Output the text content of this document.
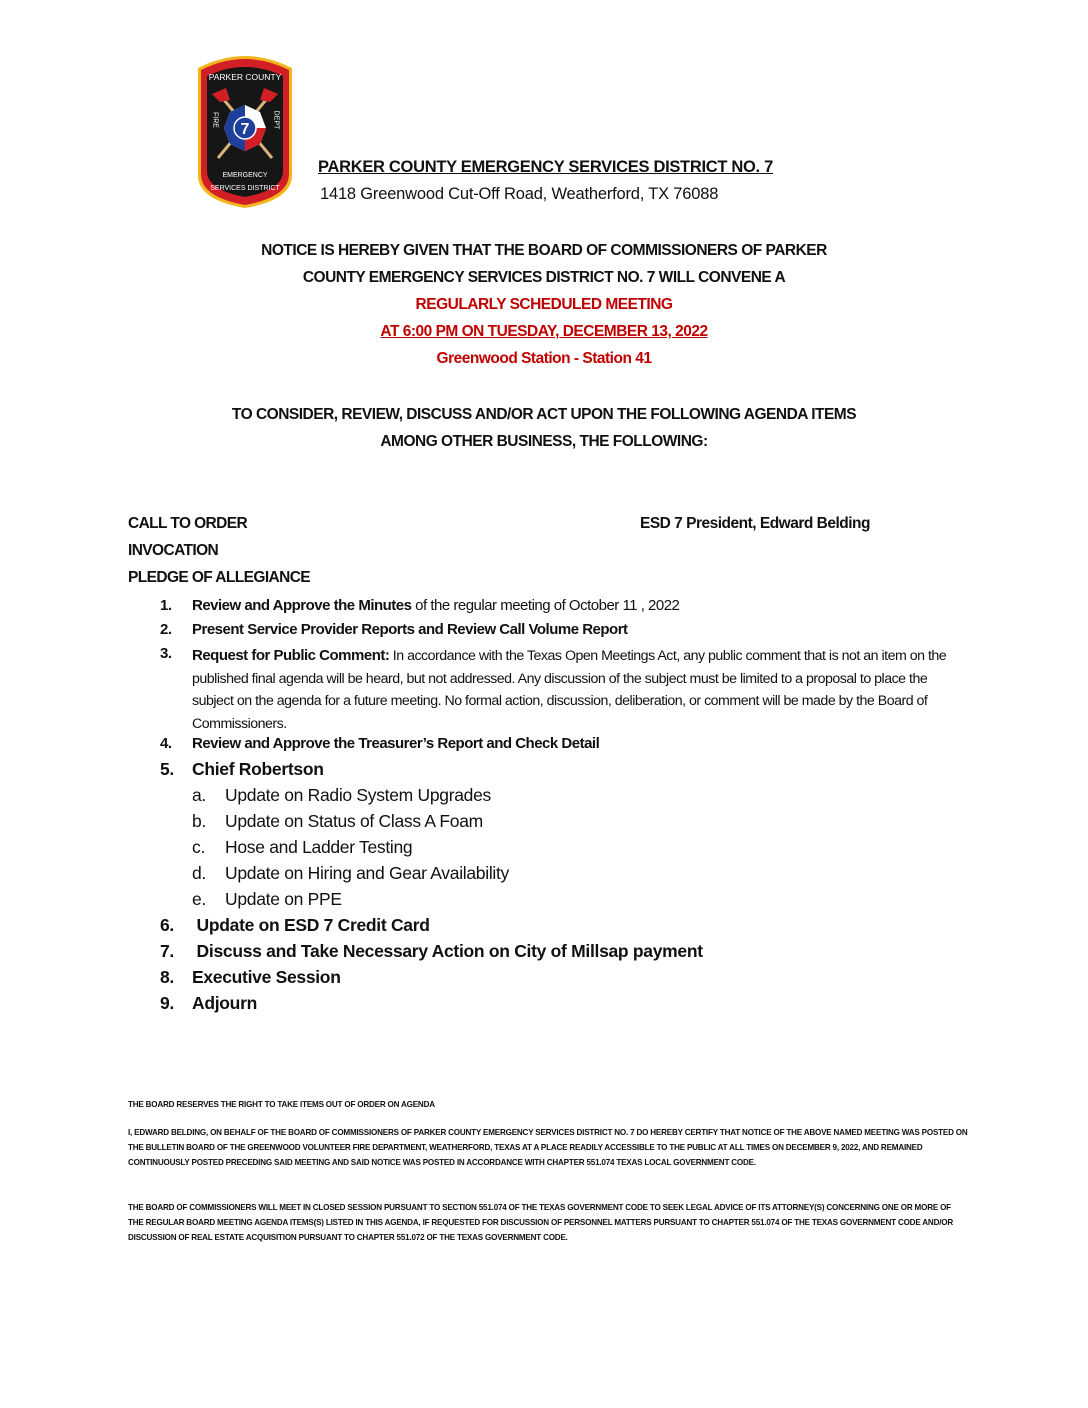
7
PARKER COUNTY
FIRE	DEPT
EMERGENCY
SERVICES DISTRICT
PARKER COUNTY EMERGENCY SERVICES DISTRICT NO. 7
1418 Greenwood Cut-Off Road, Weatherford, TX 76088
NOTICE IS HEREBY GIVEN THAT THE BOARD OF COMMISSIONERS OF PARKER
COUNTY EMERGENCY SERVICES DISTRICT NO. 7 WILL CONVENE A
REGULARLY SCHEDULED MEETING
AT 6:00 PM ON TUESDAY, DECEMBER 13, 2022
Greenwood Station - Station 41
TO CONSIDER, REVIEW, DISCUSS AND/OR ACT UPON THE FOLLOWING AGENDA ITEMS
AMONG OTHER BUSINESS, THE FOLLOWING:
CALL TO ORDER	ESD 7 President, Edward Belding
INVOCATION
PLEDGE OF ALLEGIANCE
1. Review and Approve the Minutes of the regular meeting of October 11 , 2022
2. Present Service Provider Reports and Review Call Volume Report
3.	Request for Public Comment: In accordance with the Texas Open Meetings Act, any public comment that is not an item on the published final agenda will be heard, but not addressed. Any discussion of the subject must be limited to a proposal to place the subject on the agenda for a future meeting. No formal action, discussion, deliberation, or comment will be made by the Board of Commissioners.
4. Review and Approve the Treasurer’s Report and Check Detail
5. Chief Robertson
a. Update on Radio System Upgrades
b. Update on Status of Class A Foam
c. Hose and Ladder Testing
d. Update on Hiring and Gear Availability
e. Update on PPE
6. Update on ESD 7 Credit Card
7. Discuss and Take Necessary Action on City of Millsap payment
8. Executive Session
9. Adjourn
THE BOARD RESERVES THE RIGHT TO TAKE ITEMS OUT OF ORDER ON AGENDA
I, EDWARD BELDING, ON BEHALF OF THE BOARD OF COMMISSIONERS OF PARKER COUNTY EMERGENCY SERVICES DISTRICT NO. 7 DO HEREBY CERTIFY THAT NOTICE OF THE ABOVE NAMED MEETING WAS POSTED ON THE BULLETIN BOARD OF THE GREENWOOD VOLUNTEER FIRE DEPARTMENT, WEATHERFORD, TEXAS AT A PLACE READILY ACCESSIBLE TO THE PUBLIC AT ALL TIMES ON DECEMBER 9, 2022, AND REMAINED CONTINUOUSLY POSTED PRECEDING SAID MEETING AND SAID NOTICE WAS POSTED IN ACCORDANCE WITH CHAPTER 551.074 TEXAS LOCAL GOVERNMENT CODE.
THE BOARD OF COMMISSIONERS WILL MEET IN CLOSED SESSION PURSUANT TO SECTION 551.074 OF THE TEXAS GOVERNMENT CODE TO SEEK LEGAL ADVICE OF ITS ATTORNEY(S) CONCERNING ONE OR MORE OF THE REGULAR BOARD MEETING AGENDA ITEMS(S) LISTED IN THIS AGENDA, IF REQUESTED FOR DISCUSSION OF PERSONNEL MATTERS PURSUANT TO CHAPTER 551.074 OF THE TEXAS GOVERNMENT CODE AND/OR DISCUSSION OF REAL ESTATE ACQUISITION PURSUANT TO CHAPTER 551.072 OF THE TEXAS GOVERNMENT CODE.
